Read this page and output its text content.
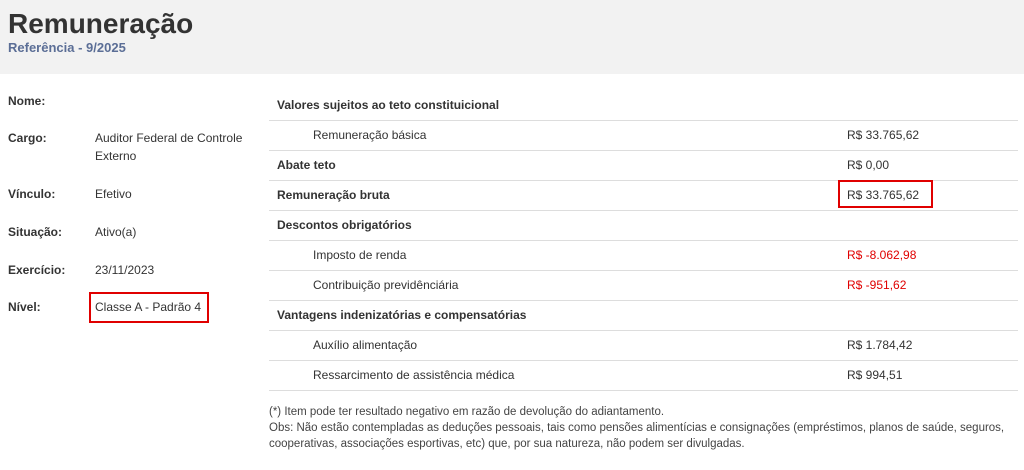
Remuneração
Referência - 9/2025
Nome:
Cargo:	Auditor Federal de Controle Externo
Vínculo:	Efetivo
Situação:	Ativo(a)
Exercício:	23/11/2023
Nível:	Classe A - Padrão 4
Valores sujeitos ao teto constituicional
Remuneração básica	R$ 33.765,62
Abate teto	R$ 0,00
Remuneração bruta	R$ 33.765,62
Descontos obrigatórios
Imposto de renda	R$ -8.062,98
Contribuição previdênciária	R$ -951,62
Vantagens indenizatórias e compensatórias
Auxílio alimentação	R$ 1.784,42
Ressarcimento de assistência médica	R$ 994,51
(*) Item pode ter resultado negativo em razão de devolução do adiantamento.
Obs: Não estão contempladas as deduções pessoais, tais como pensões alimentícias e consignações (empréstimos, planos de saúde, seguros, cooperativas, associações esportivas, etc) que, por sua natureza, não podem ser divulgadas.
